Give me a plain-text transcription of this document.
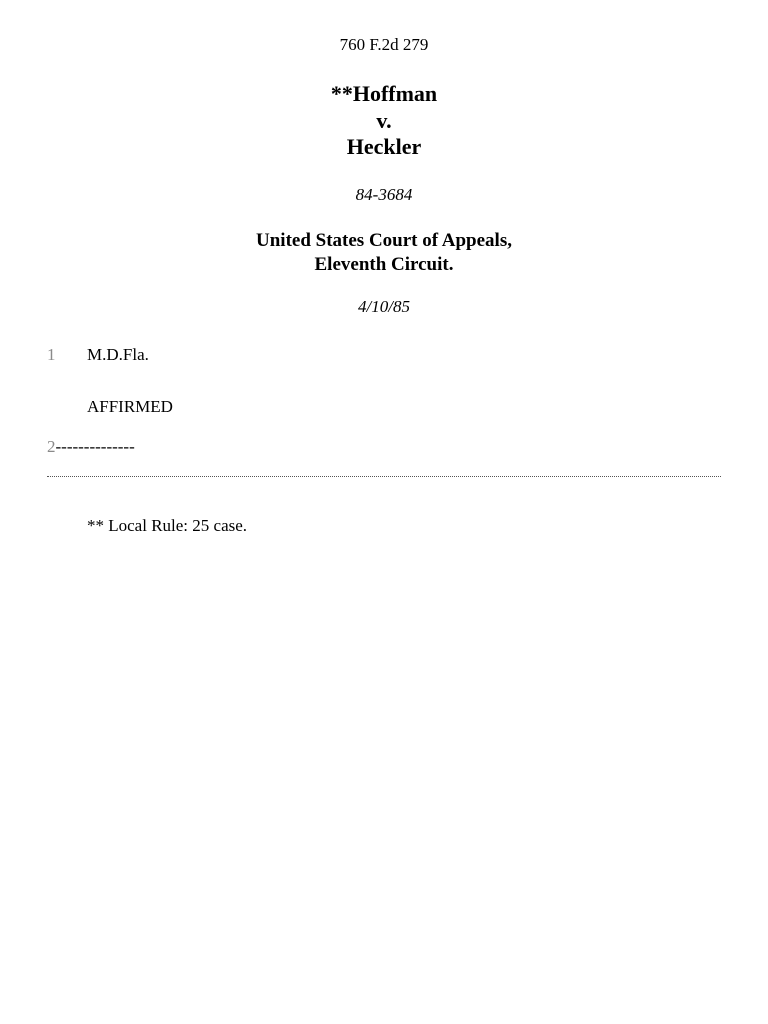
760 F.2d 279
**Hoffman
v.
Heckler
84-3684
United States Court of Appeals,
Eleventh Circuit.
4/10/85
1 M.D.Fla.
AFFIRMED
2--------------
** Local Rule: 25 case.
